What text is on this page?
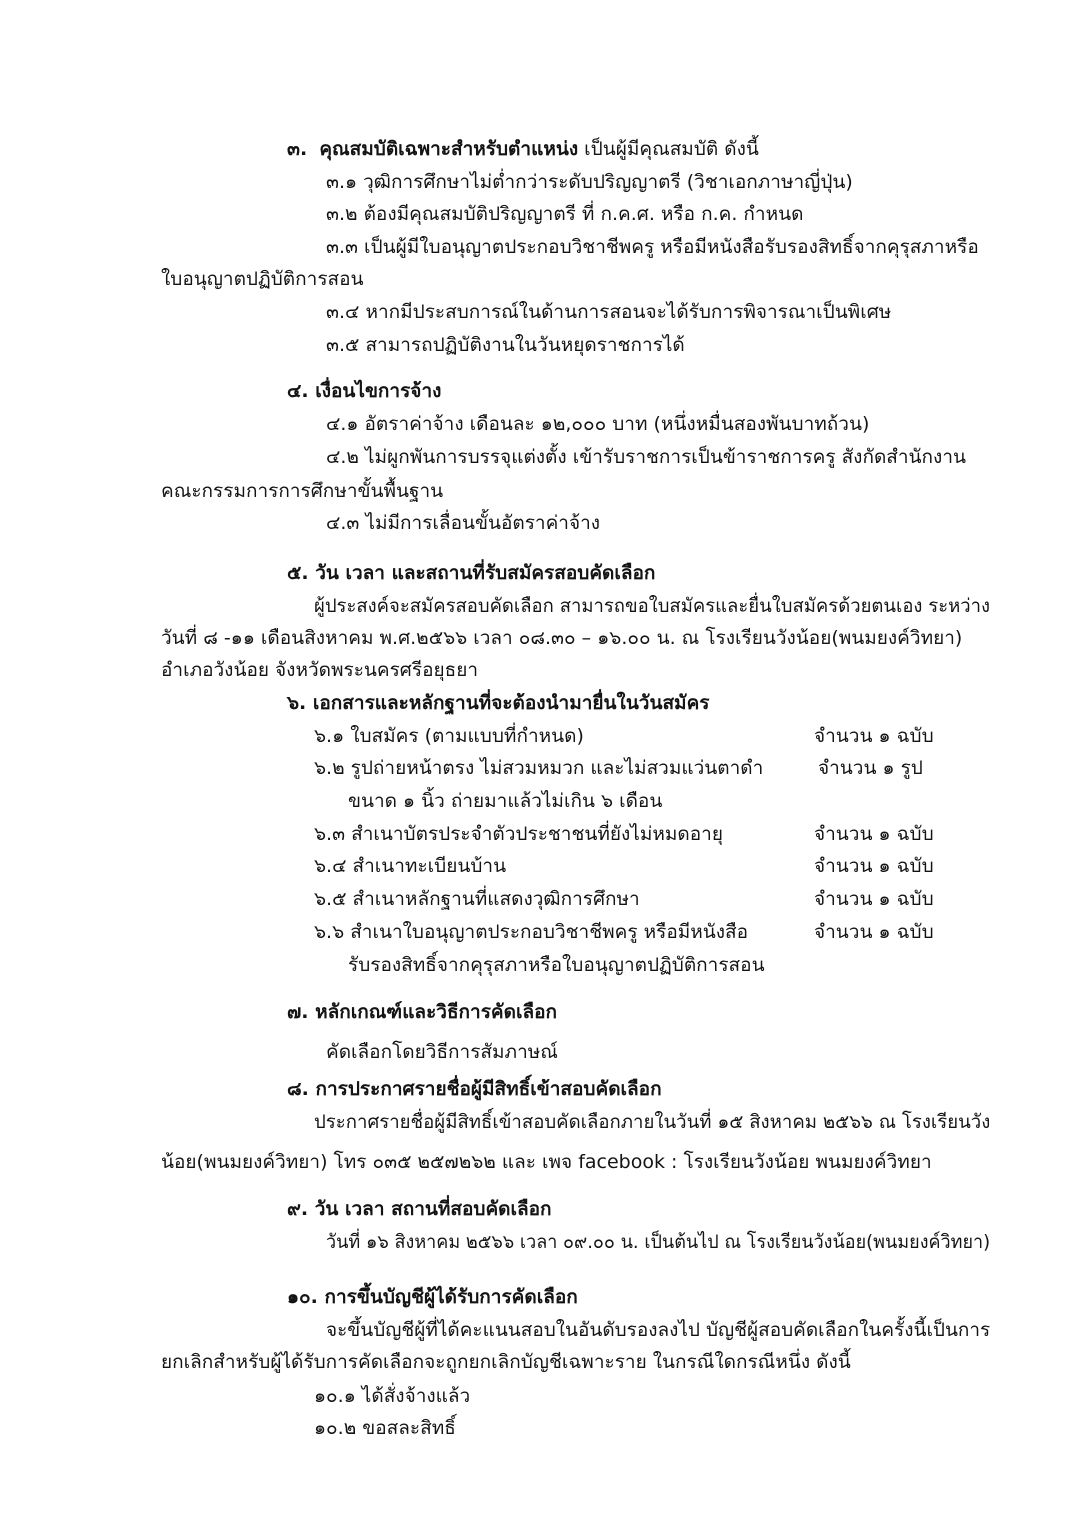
๓. คุณสมบัติเฉพาะสำหรับตำแหน่ง เป็นผู้มีคุณสมบัติ ดังนี้
๓.๑ วุฒิการศึกษาไม่ต่ำกว่าระดับปริญญาตรี (วิชาเอกภาษาญี่ปุ่น)
๓.๒ ต้องมีคุณสมบัติปริญญาตรี ที่ ก.ค.ศ. หรือ ก.ค. กำหนด
๓.๓ เป็นผู้มีใบอนุญาตประกอบวิชาชีพครู หรือมีหนังสือรับรองสิทธิ์จากคุรุสภาหรือ
ใบอนุญาตปฏิบัติการสอน
๓.๔ หากมีประสบการณ์ในด้านการสอนจะได้รับการพิจารณาเป็นพิเศษ
๓.๕ สามารถปฏิบัติงานในวันหยุดราชการได้
๔. เงื่อนไขการจ้าง
๔.๑ อัตราค่าจ้าง เดือนละ ๑๒,๐๐๐ บาท (หนึ่งหมื่นสองพันบาทถ้วน)
๔.๒ ไม่ผูกพันการบรรจุแต่งตั้ง เข้ารับราชการเป็นข้าราชการครู สังกัดสำนักงาน
คณะกรรมการการศึกษาขั้นพื้นฐาน
๔.๓ ไม่มีการเลื่อนขั้นอัตราค่าจ้าง
๕. วัน เวลา และสถานที่รับสมัครสอบคัดเลือก
ผู้ประสงค์จะสมัครสอบคัดเลือก สามารถขอใบสมัครและยื่นใบสมัครด้วยตนเอง ระหว่าง
วันที่ ๘ -๑๑ เดือนสิงหาคม พ.ศ.๒๕๖๖ เวลา ๐๘.๓๐ – ๑๖.๐๐ น. ณ โรงเรียนวังน้อย(พนมยงค์วิทยา)
อำเภอวังน้อย จังหวัดพระนครศรีอยุธยา
๖. เอกสารและหลักฐานที่จะต้องนำมายื่นในวันสมัคร
๖.๑ ใบสมัคร (ตามแบบที่กำหนด)	จำนวน ๑ ฉบับ
๖.๒ รูปถ่ายหน้าตรง ไม่สวมหมวก และไม่สวมแว่นตาดำ	จำนวน ๑ รูป
ขนาด ๑ นิ้ว ถ่ายมาแล้วไม่เกิน ๖ เดือน
๖.๓ สำเนาบัตรประจำตัวประชาชนที่ยังไม่หมดอายุ	จำนวน ๑ ฉบับ
๖.๔ สำเนาทะเบียนบ้าน	จำนวน ๑ ฉบับ
๖.๕ สำเนาหลักฐานที่แสดงวุฒิการศึกษา	จำนวน ๑ ฉบับ
๖.๖ สำเนาใบอนุญาตประกอบวิชาชีพครู หรือมีหนังสือ	จำนวน ๑ ฉบับ
รับรองสิทธิ์จากคุรุสภาหรือใบอนุญาตปฏิบัติการสอน
๗. หลักเกณฑ์และวิธีการคัดเลือก
คัดเลือกโดยวิธีการสัมภาษณ์
๘. การประกาศรายชื่อผู้มีสิทธิ์เข้าสอบคัดเลือก
ประกาศรายชื่อผู้มีสิทธิ์เข้าสอบคัดเลือกภายในวันที่ ๑๕ สิงหาคม ๒๕๖๖ ณ โรงเรียนวัง
น้อย(พนมยงค์วิทยา) โทร ๐๓๕ ๒๕๗๒๖๒ และ เพจ facebook : โรงเรียนวังน้อย พนมยงค์วิทยา
๙. วัน เวลา สถานที่สอบคัดเลือก
วันที่ ๑๖ สิงหาคม ๒๕๖๖ เวลา ๐๙.๐๐ น. เป็นต้นไป ณ โรงเรียนวังน้อย(พนมยงค์วิทยา)
๑๐. การขึ้นบัญชีผู้ได้รับการคัดเลือก
จะขึ้นบัญชีผู้ที่ได้คะแนนสอบในอันดับรองลงไป บัญชีผู้สอบคัดเลือกในครั้งนี้เป็นการ
ยกเลิกสำหรับผู้ได้รับการคัดเลือกจะถูกยกเลิกบัญชีเฉพาะราย ในกรณีใดกรณีหนึ่ง ดังนี้
๑๐.๑ ได้สั่งจ้างแล้ว
๑๐.๒ ขอสละสิทธิ์
